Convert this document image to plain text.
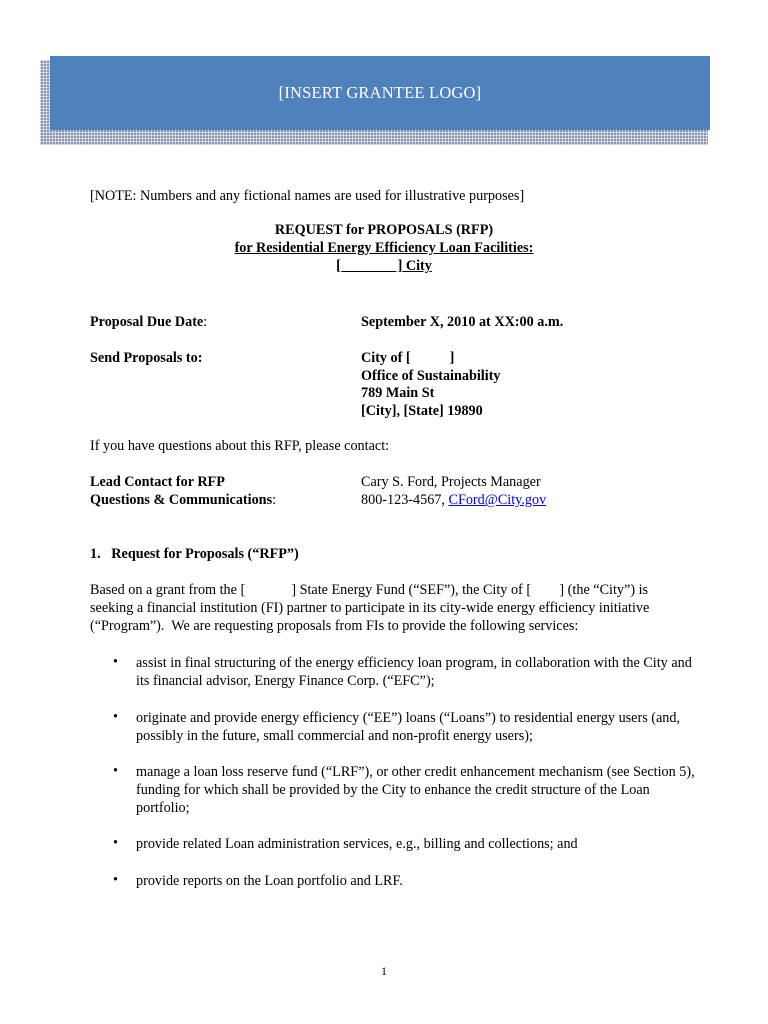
[INSERT GRANTEE LOGO]
[NOTE: Numbers and any fictional names are used for illustrative purposes]
REQUEST for PROPOSALS (RFP)
for Residential Energy Efficiency Loan Facilities:
[                ] City
Proposal Due Date:	September X, 2010 at XX:00 a.m.
Send Proposals to:	City of [           ]
Office of Sustainability
789 Main St
[City], [State] 19890
If you have questions about this RFP, please contact:
Lead Contact for RFP
Questions & Communications:
Cary S. Ford, Projects Manager
800-123-4567, CFord@City.gov
1.   Request for Proposals (“RFP”)
Based on a grant from the [             ] State Energy Fund (“SEF”), the City of [        ] (the “City”) is seeking a financial institution (FI) partner to participate in its city-wide energy efficiency initiative (“Program”).  We are requesting proposals from FIs to provide the following services:
• assist in final structuring of the energy efficiency loan program, in collaboration with the City and its financial advisor, Energy Finance Corp. (“EFC”);
• originate and provide energy efficiency (“EE”) loans (“Loans”) to residential energy users (and, possibly in the future, small commercial and non-profit energy users);
• manage a loan loss reserve fund (“LRF”), or other credit enhancement mechanism (see Section 5), funding for which shall be provided by the City to enhance the credit structure of the Loan portfolio;
• provide related Loan administration services, e.g., billing and collections; and
• provide reports on the Loan portfolio and LRF.
1
